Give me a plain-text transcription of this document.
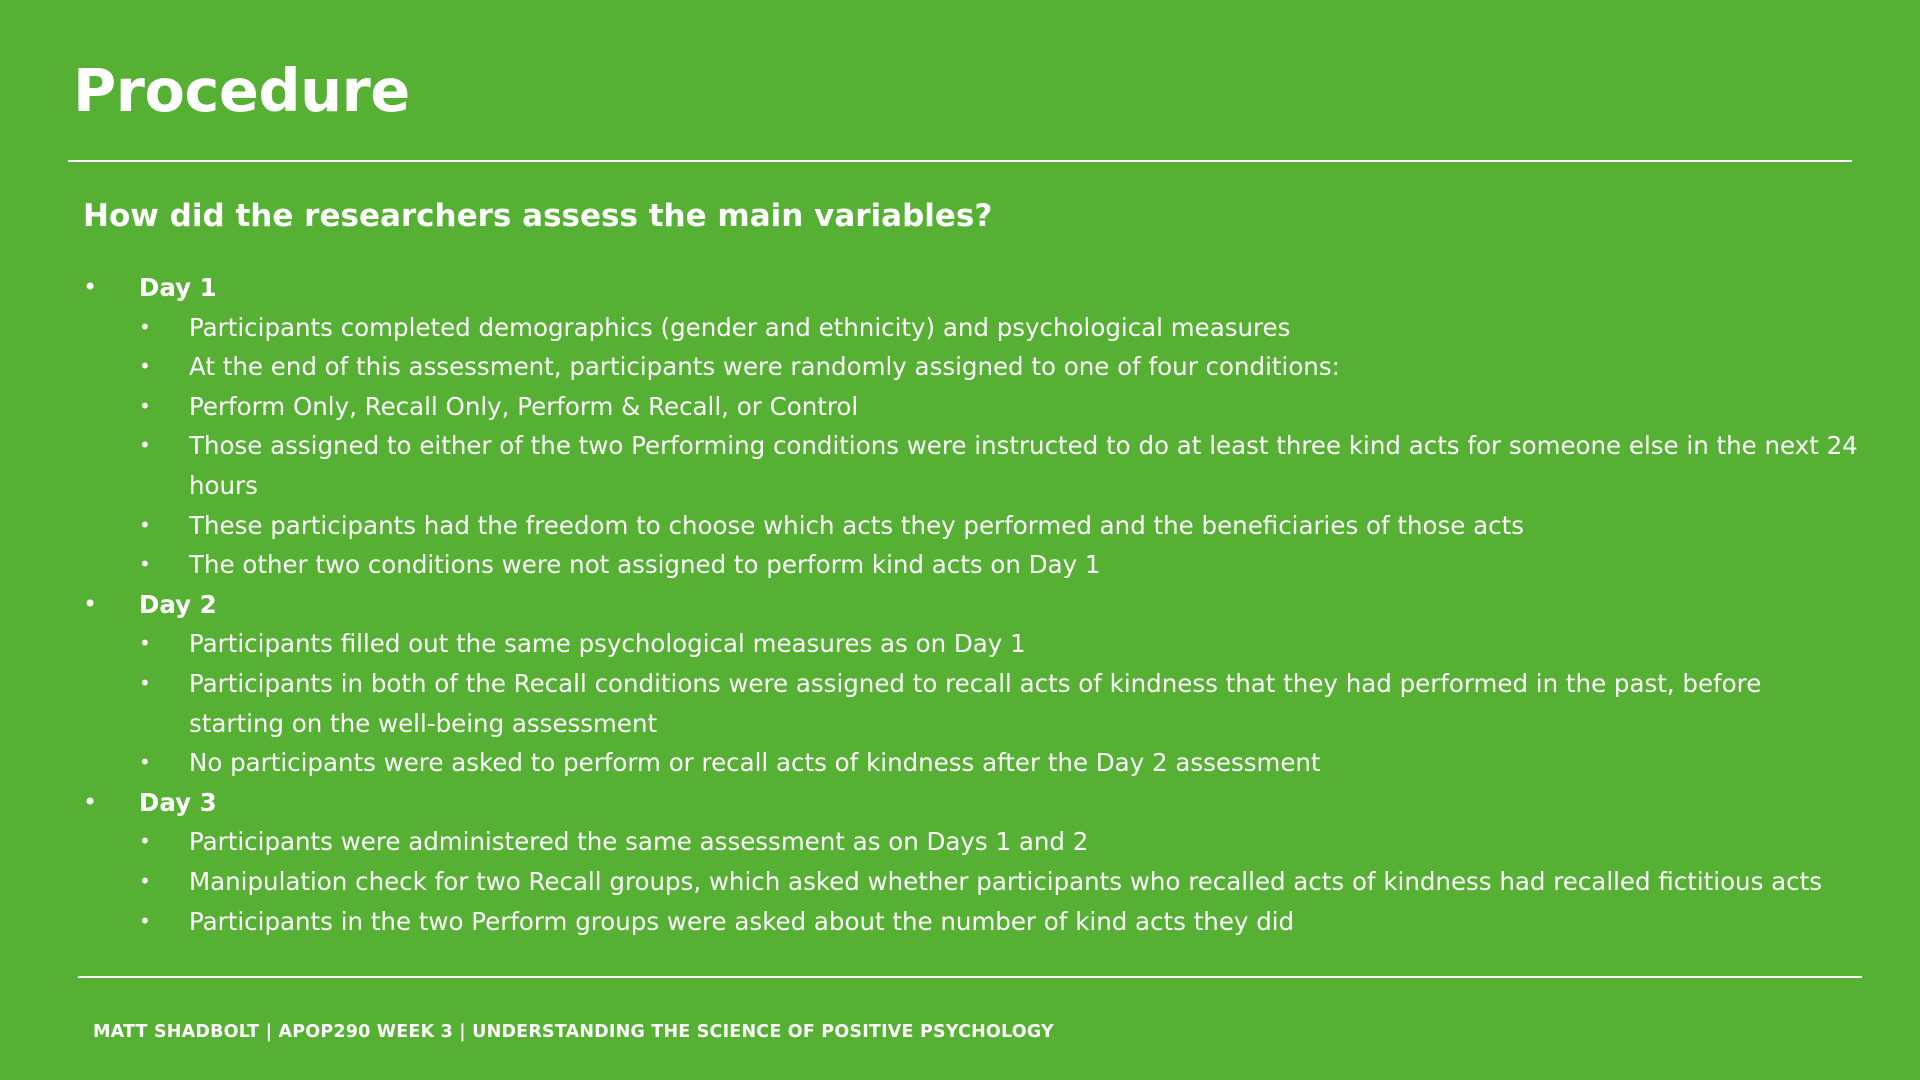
Procedure
How did the researchers assess the main variables?
• Day 1
•	Participants completed demographics (gender and ethnicity) and psychological measures
•	At the end of this assessment, participants were randomly assigned to one of four conditions:
•	Perform Only, Recall Only, Perform & Recall, or Control
•	Those assigned to either of the two Performing conditions were instructed to do at least three kind acts for someone else in the next 24 hours
•	These participants had the freedom to choose which acts they performed and the beneficiaries of those acts
•	The other two conditions were not assigned to perform kind acts on Day 1
• Day 2
•	Participants filled out the same psychological measures as on Day 1
•	Participants in both of the Recall conditions were assigned to recall acts of kindness that they had performed in the past, before starting on the well-being assessment
•	No participants were asked to perform or recall acts of kindness after the Day 2 assessment
• Day 3
•	Participants were administered the same assessment as on Days 1 and 2
•	Manipulation check for two Recall groups, which asked whether participants who recalled acts of kindness had recalled fictitious acts
•	Participants in the two Perform groups were asked about the number of kind acts they did

MATT SHADBOLT | APOP290 WEEK 3 | UNDERSTANDING THE SCIENCE OF POSITIVE PSYCHOLOGY
